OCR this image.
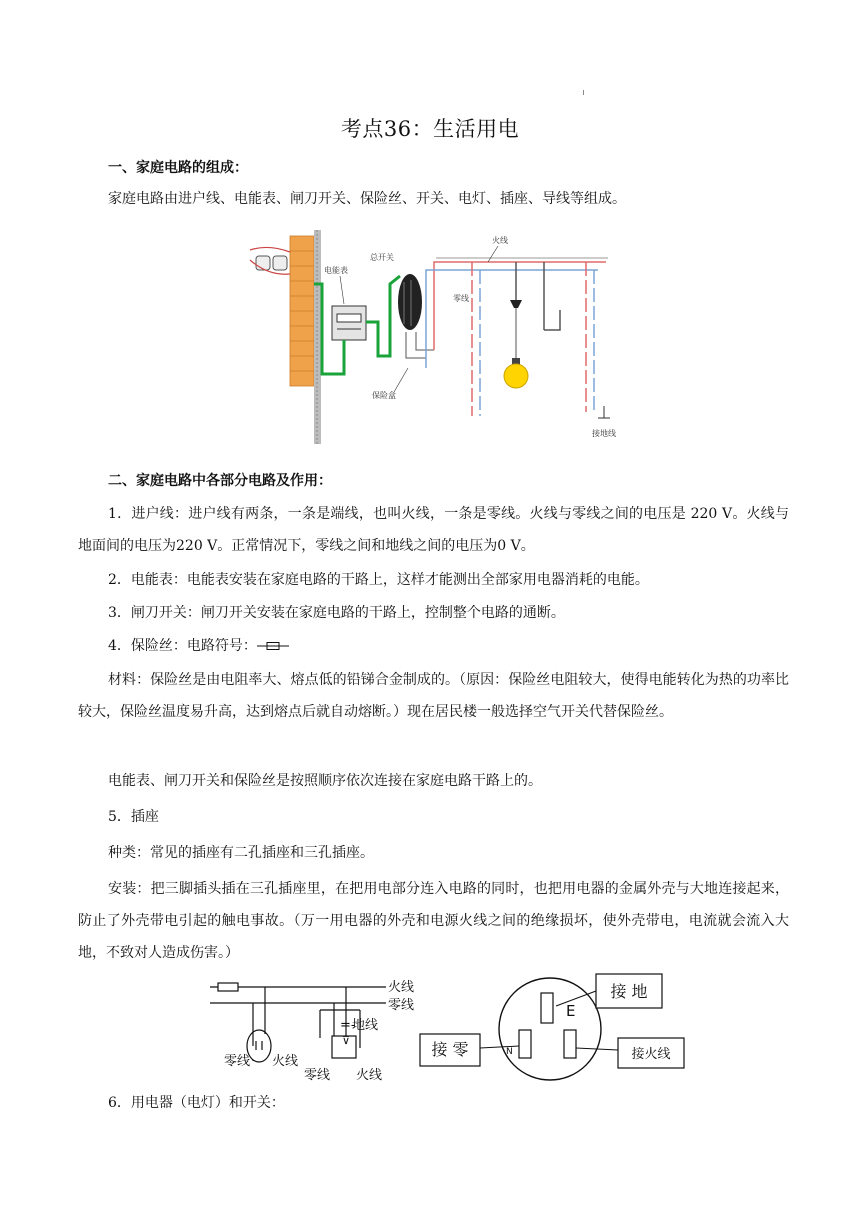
考点36：生活用电
一、家庭电路的组成：
家庭电路由进户线、电能表、闸刀开关、保险丝、开关、电灯、插座、导线等组成。
电能表
总开关
保险盒
火线
零线
接地线
二、家庭电路中各部分电路及作用：
1．进户线：进户线有两条，一条是端线，也叫火线，一条是零线。火线与零线之间的电压是 220 V。火线与地面间的电压为220 V。正常情况下，零线之间和地线之间的电压为0 V。
2．电能表：电能表安装在家庭电路的干路上，这样才能测出全部家用电器消耗的电能。
3．闸刀开关：闸刀开关安装在家庭电路的干路上，控制整个电路的通断。
4．保险丝：电路符号：
材料：保险丝是由电阻率大、熔点低的铅锑合金制成的。（原因：保险丝电阻较大，使得电能转化为热的功率比较大，保险丝温度易升高，达到熔点后就自动熔断。）现在居民楼一般选择空气开关代替保险丝。
电能表、闸刀开关和保险丝是按照顺序依次连接在家庭电路干路上的。
5．插座
种类：常见的插座有二孔插座和三孔插座。
安装：把三脚插头插在三孔插座里，在把用电部分连入电路的同时，也把用电器的金属外壳与大地连接起来，防止了外壳带电引起的触电事故。（万一用电器的外壳和电源火线之间的绝缘损坏，使外壳带电，电流就会流入大地，不致对人造成伤害。）
⊽
火线
零线
地线
=-
零线 火线
零线 火线
E
N
接 地
接 零	接火线
6．用电器（电灯）和开关：
